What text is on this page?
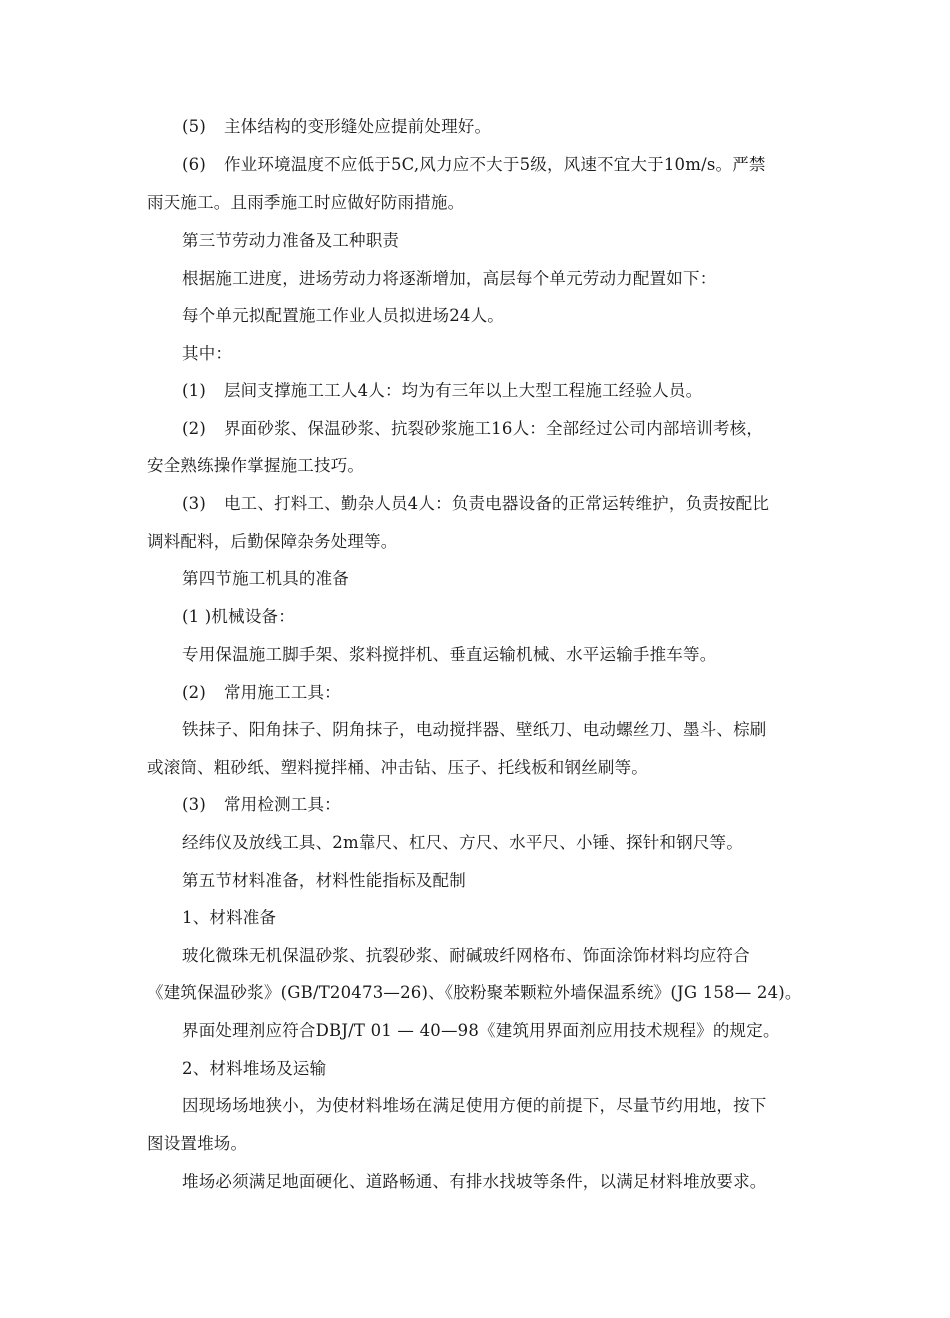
(5) 主体结构的变形缝处应提前处理好。
(6) 作业环境温度不应低于5C,风力应不大于5级，风速不宜大于10m/s。严禁
雨天施工。且雨季施工时应做好防雨措施。
第三节劳动力准备及工种职责
根据施工进度，进场劳动力将逐渐增加，高层每个单元劳动力配置如下：
每个单元拟配置施工作业人员拟进场24人。
其中：
(1) 层间支撑施工工人4人：均为有三年以上大型工程施工经验人员。
(2) 界面砂浆、保温砂浆、抗裂砂浆施工16人：全部经过公司内部培训考核，
安全熟练操作掌握施工技巧。
(3) 电工、打料工、勤杂人员4人：负责电器设备的正常运转维护，负责按配比
调料配料，后勤保障杂务处理等。
第四节施工机具的准备
(1 )机械设备：
专用保温施工脚手架、浆料搅拌机、垂直运输机械、水平运输手推车等。
(2) 常用施工工具：
铁抹子、阳角抹子、阴角抹子，电动搅拌器、壁纸刀、电动螺丝刀、墨斗、棕刷
或滚筒、粗砂纸、塑料搅拌桶、冲击钻、压子、托线板和钢丝刷等。
(3) 常用检测工具：
经纬仪及放线工具、2m靠尺、杠尺、方尺、水平尺、小锤、探针和钢尺等。
第五节材料准备，材料性能指标及配制
1、材料准备
玻化微珠无机保温砂浆、抗裂砂浆、耐碱玻纤网格布、饰面涂饰材料均应符合
《建筑保温砂浆》(GB/T20473—26)、《胶粉聚苯颗粒外墙保温系统》(JG 158— 24)。
界面处理剂应符合DBJ/T 01 — 40—98《建筑用界面剂应用技术规程》的规定。
2、材料堆场及运输
因现场场地狭小，为使材料堆场在满足使用方便的前提下，尽量节约用地，按下
图设置堆场。
堆场必须满足地面硬化、道路畅通、有排水找坡等条件，以满足材料堆放要求。
